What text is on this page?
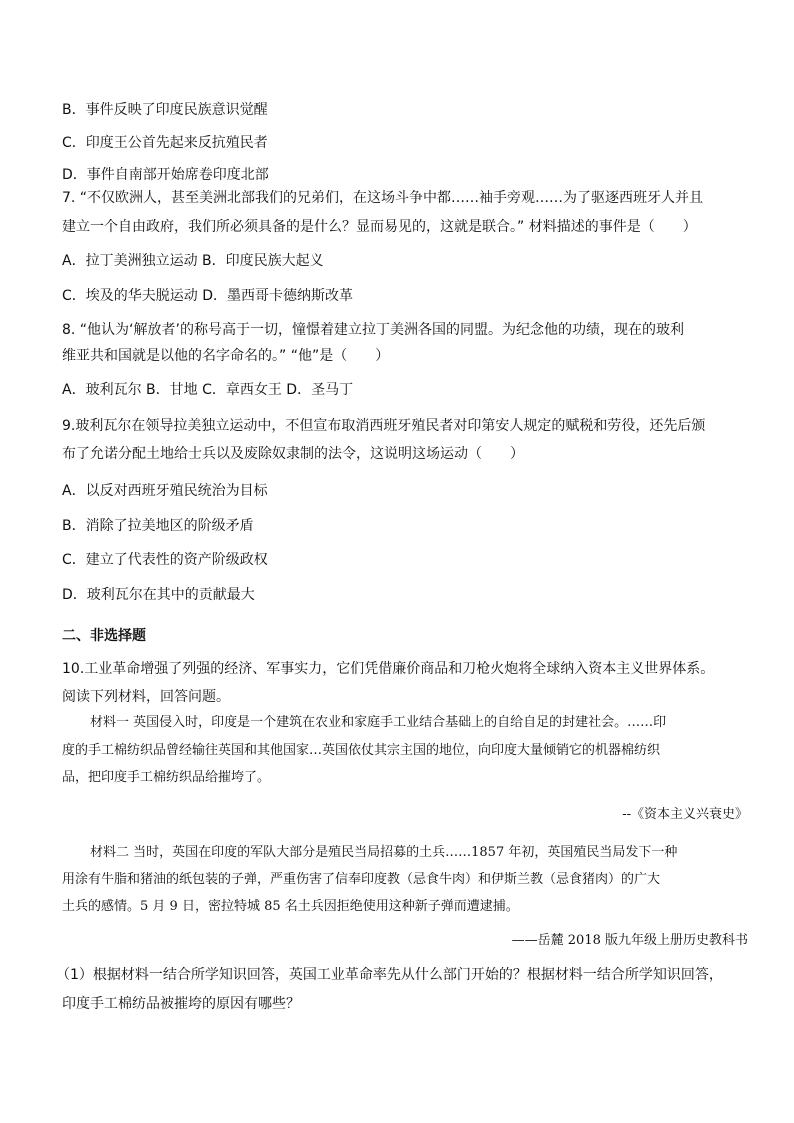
B．事件反映了印度民族意识觉醒
C．印度王公首先起来反抗殖民者
D．事件自南部开始席卷印度北部
7. “不仅欧洲人，甚至美洲北部我们的兄弟们，在这场斗争中都……袖手旁观……为了驱逐西班牙人并且
建立一个自由政府，我们所必须具备的是什么？显而易见的，这就是联合。” 材料描述的事件是（　　）
A．拉丁美洲独立运动 B．印度民族大起义
C．埃及的华夫脱运动 D．墨西哥卡德纳斯改革
8. “他认为‘解放者’的称号高于一切，憧憬着建立拉丁美洲各国的同盟。为纪念他的功绩，现在的玻利
维亚共和国就是以他的名字命名的。” “他”是（　　）
A．玻利瓦尔 B．甘地 C．章西女王 D．圣马丁
9.玻利瓦尔在领导拉美独立运动中，不但宣布取消西班牙殖民者对印第安人规定的赋税和劳役，还先后颁
布了允诺分配土地给士兵以及废除奴隶制的法令，这说明这场运动（　　）
A．以反对西班牙殖民统治为目标
B．消除了拉美地区的阶级矛盾
C．建立了代表性的资产阶级政权
D．玻利瓦尔在其中的贡献最大
二、非选择题
10.工业革命增强了列强的经济、军事实力，它们凭借廉价商品和刀枪火炮将全球纳入资本主义世界体系。
阅读下列材料，回答问题。
材料一 英国侵入时，印度是一个建筑在农业和家庭手工业结合基础上的自给自足的封建社会。……印
度的手工棉纺织品曾经输往英国和其他国家…英国依仗其宗主国的地位，向印度大量倾销它的机器棉纺织
品，把印度手工棉纺织品给摧垮了。
--《资本主义兴衰史》
材料二 当时，英国在印度的军队大部分是殖民当局招募的土兵……1857 年初，英国殖民当局发下一种
用涂有牛脂和猪油的纸包装的子弹，严重伤害了信奉印度教（忌食牛肉）和伊斯兰教（忌食猪肉）的广大
土兵的感情。5 月 9 日，密拉特城 85 名土兵因拒绝使用这种新子弹而遭逮捕。
——岳麓 2018 版九年级上册历史教科书
（1）根据材料一结合所学知识回答，英国工业革命率先从什么部门开始的？根据材料一结合所学知识回答，
印度手工棉纺品被摧垮的原因有哪些？
